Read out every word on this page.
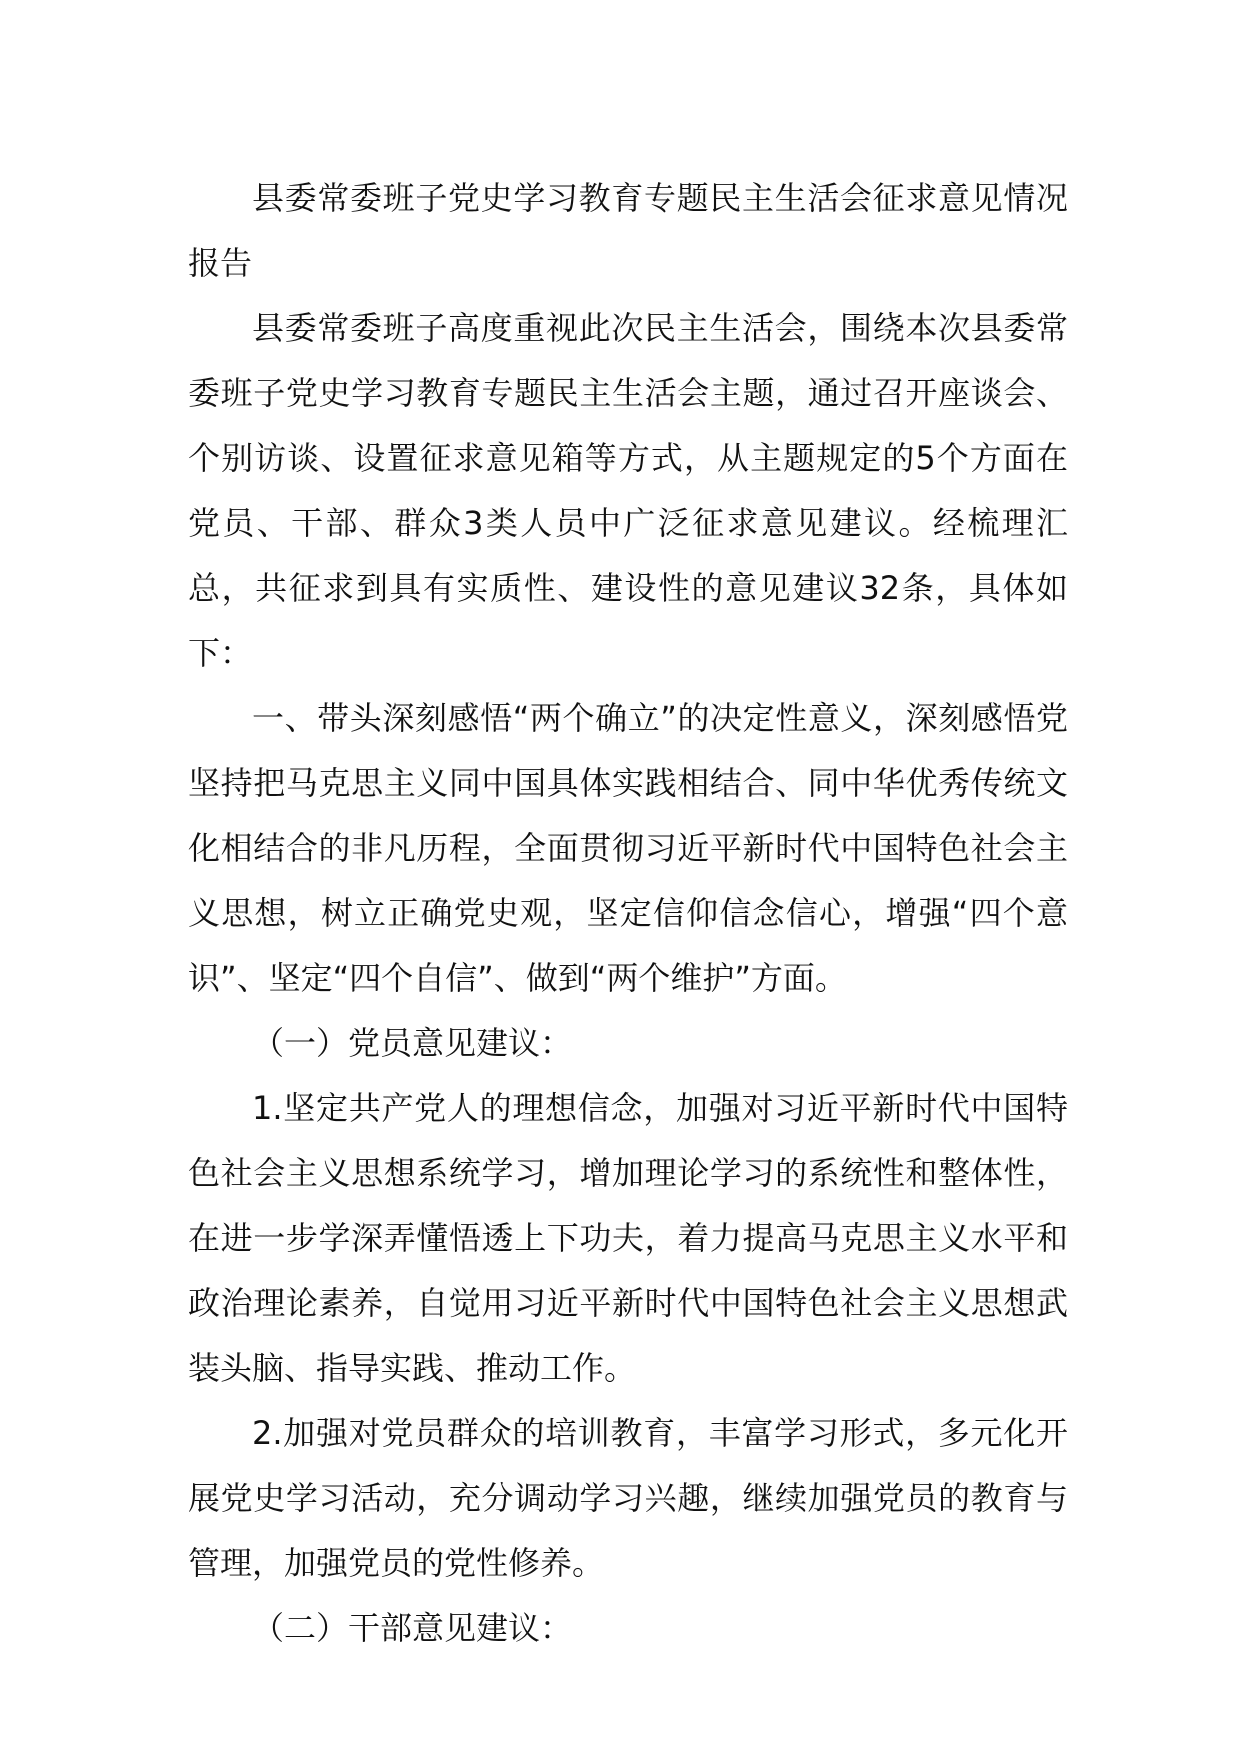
县委常委班子党史学习教育专题民主生活会征求意见情况报告

县委常委班子高度重视此次民主生活会，围绕本次县委常委班子党史学习教育专题民主生活会主题，通过召开座谈会、个别访谈、设置征求意见箱等方式，从主题规定的5个方面在党员、干部、群众3类人员中广泛征求意见建议。经梳理汇总，共征求到具有实质性、建设性的意见建议32条，具体如下：

一、带头深刻感悟“两个确立”的决定性意义，深刻感悟党坚持把马克思主义同中国具体实践相结合、同中华优秀传统文化相结合的非凡历程，全面贯彻习近平新时代中国特色社会主义思想，树立正确党史观，坚定信仰信念信心，增强“四个意识”、坚定“四个自信”、做到“两个维护”方面。

（一）党员意见建议：

1.坚定共产党人的理想信念，加强对习近平新时代中国特色社会主义思想系统学习，增加理论学习的系统性和整体性，在进一步学深弄懂悟透上下功夫，着力提高马克思主义水平和政治理论素养，自觉用习近平新时代中国特色社会主义思想武装头脑、指导实践、推动工作。

2.加强对党员群众的培训教育，丰富学习形式，多元化开展党史学习活动，充分调动学习兴趣，继续加强党员的教育与管理，加强党员的党性修养。

（二）干部意见建议：
